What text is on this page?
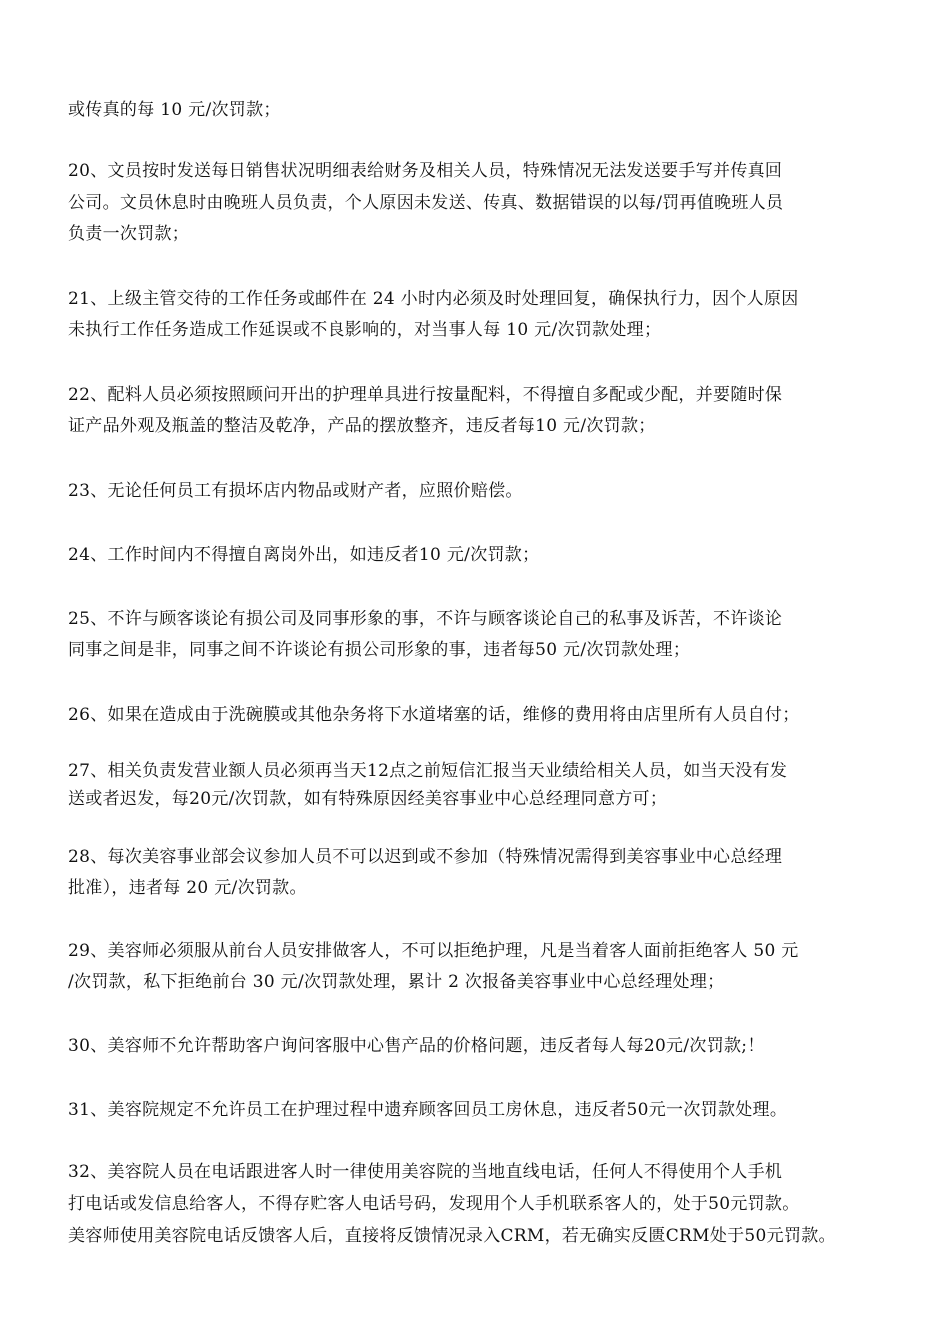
或传真的每 10 元/次罚款；
20、文员按时发送每日销售状况明细表给财务及相关人员，特殊情况无法发送要手写并传真回
公司。文员休息时由晚班人员负责，个人原因未发送、传真、数据错误的以每/罚再值晚班人员
负责一次罚款；
21、上级主管交待的工作任务或邮件在 24 小时内必须及时处理回复，确保执行力，因个人原因
未执行工作任务造成工作延误或不良影响的，对当事人每 10 元/次罚款处理；
22、配料人员必须按照顾问开出的护理单具进行按量配料，不得擅自多配或少配，并要随时保
证产品外观及瓶盖的整洁及乾净，产品的摆放整齐，违反者每10 元/次罚款；
23、无论任何员工有损坏店内物品或财产者，应照价赔偿。
24、工作时间内不得擅自离岗外出，如违反者10 元/次罚款；
25、不许与顾客谈论有损公司及同事形象的事，不许与顾客谈论自己的私事及诉苦，不许谈论
同事之间是非，同事之间不许谈论有损公司形象的事，违者每50 元/次罚款处理；
26、如果在造成由于洗碗膜或其他杂务将下水道堵塞的话，维修的费用将由店里所有人员自付；
27、相关负责发营业额人员必须再当天12点之前短信汇报当天业绩给相关人员，如当天没有发
送或者迟发，每20元/次罚款，如有特殊原因经美容事业中心总经理同意方可；
28、每次美容事业部会议参加人员不可以迟到或不参加（特殊情况需得到美容事业中心总经理
批准），违者每 20 元/次罚款。
29、美容师必须服从前台人员安排做客人，不可以拒绝护理，凡是当着客人面前拒绝客人 50 元
/次罚款，私下拒绝前台 30 元/次罚款处理，累计 2 次报备美容事业中心总经理处理；
30、美容师不允许帮助客户询问客服中心售产品的价格问题，违反者每人每20元/次罚款;！
31、美容院规定不允许员工在护理过程中遗弃顾客回员工房休息，违反者50元一次罚款处理。
32、美容院人员在电话跟进客人时一律使用美容院的当地直线电话，任何人不得使用个人手机
打电话或发信息给客人，不得存贮客人电话号码，发现用个人手机联系客人的，处于50元罚款。
美容师使用美容院电话反馈客人后，直接将反馈情况录入CRM，若无确实反匮CRM处于50元罚款。
